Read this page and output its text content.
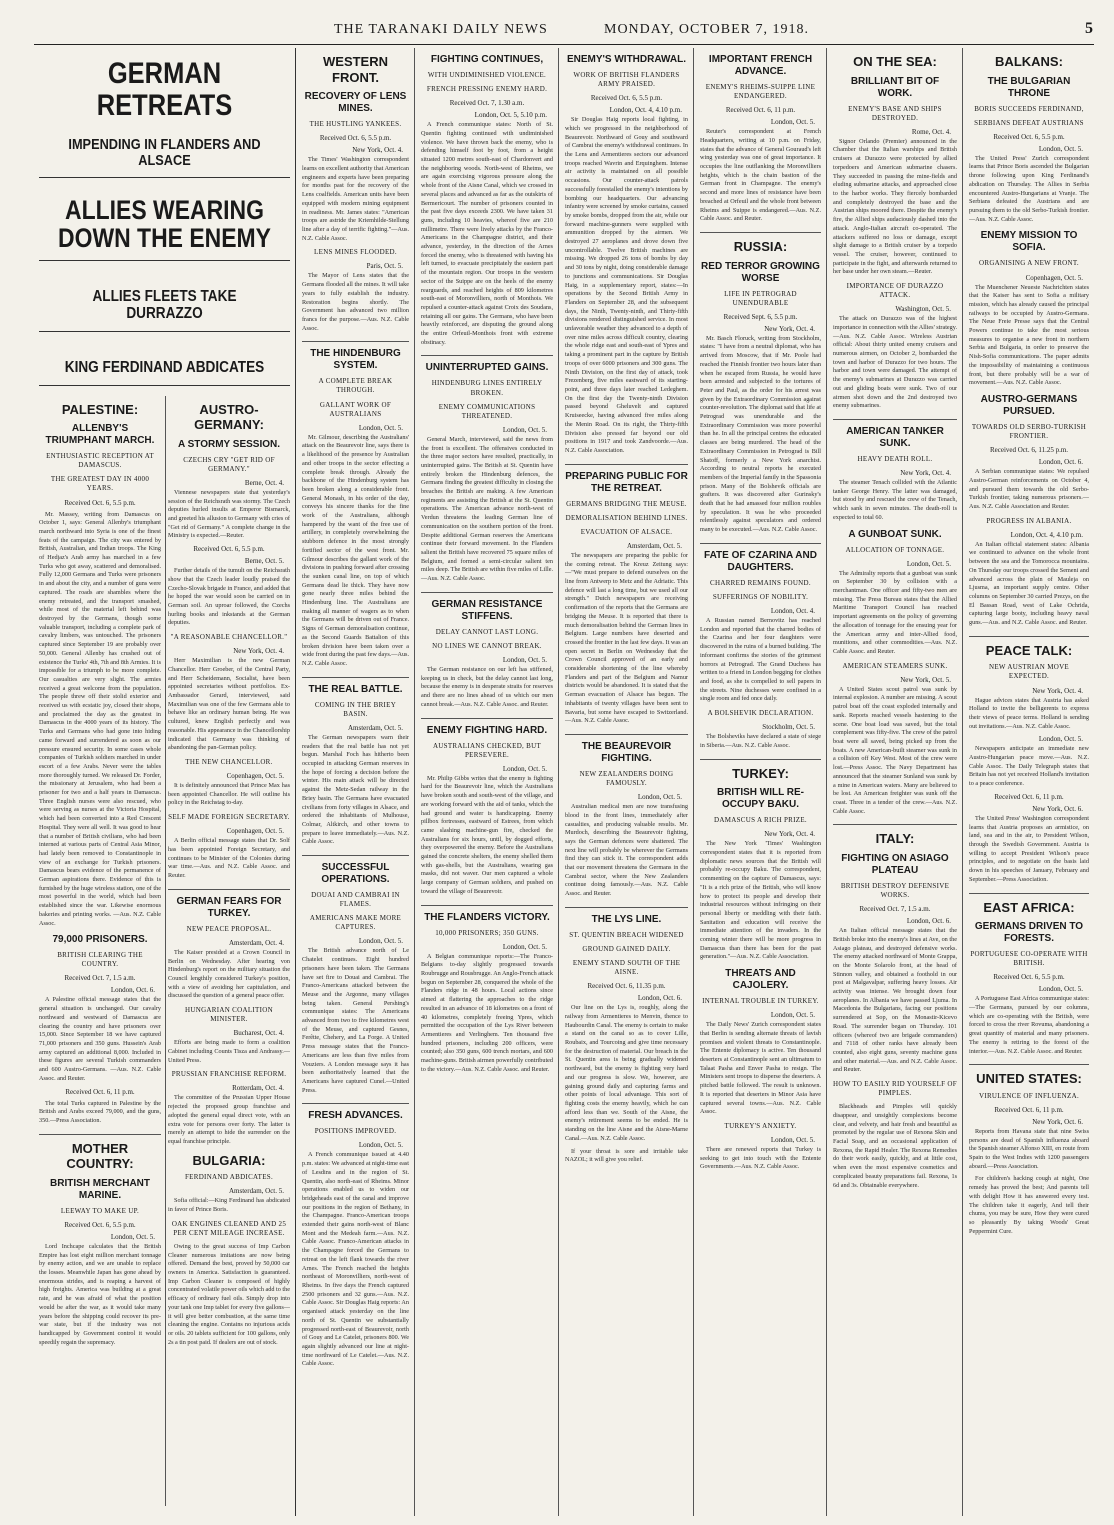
THE TARANAKI DAILY NEWS	MONDAY, OCTOBER 7, 1918.	5
GERMAN RETREATS
IMPENDING IN FLANDERS AND ALSACE
ALLIES WEARING DOWN THE ENEMY
ALLIES FLEETS TAKE DURRAZZO
KING FERDINAND ABDICATES
PALESTINE:
ALLENBY'S TRIUMPHANT MARCH.
ENTHUSIASTIC RECEPTION AT DAMASCUS.
THE GREATEST DAY IN 4000 YEARS.
Received Oct. 6, 5.5 p.m.

Mr. Massey, writing from Damascus on October 1, says: General Allenby's triumphant march northward into Syria is one of the finest feats of the campaign. The city was entered by British, Australian, and Indian troops. The King of Hedjaz's Arab army has marched in a few Turks who got away, scattered and demoralised. Fully 12,000 Germans and Turks were prisoners in and about the city, and a number of guns were captured. The roads are shambles where the enemy retreated, and the transport smashed, while most of the material left behind was destroyed by the Germans, though some valuable transport, including a complete park of cavalry limbers, was untouched. The prisoners captured since September 19 are probably over 50,000. General Allenby has crushed out of existence the Turks' 4th, 7th and 8th Armies. It is impossible for a triumph to be more complete. Our casualties are very slight. The armies received a great welcome from the population. The people threw off their stolid exterior and received us with ecstatic joy, closed their shops, and proclaimed the day as the greatest in Damascus in the 4000 years of its history. The Turks and Germans who had gone into hiding came forward and surrendered as soon as our pressure ensured security. In some cases whole companies of Turkish soldiers marched in under escort of a few Arabs. Never were the tables more thoroughly turned. We released Dr. Forder, the missionary at Jerusalem, who had been a prisoner for two and a half years in Damascus. Three English nurses were also rescued, who were serving as nurses at the Victoria Hospital, which had been converted into a Red Crescent Hospital. They were all well. It was good to hear that a number of British civilians, who had been interned at various parts of Central Asia Minor, had lately been removed to Constantinople in view of an exchange for Turkish prisoners. Damascus bears evidence of the permanence of German aspirations there. Evidence of this is furnished by the huge wireless station, one of the most powerful in the world, which had been established since the war. Likewise enormous bakeries and printing works. —Aus. N.Z. Cable Assoc.

79,000 PRISONERS.
BRITISH CLEARING THE COUNTRY.
Received Oct. 7, 1.5 a.m.
London, Oct. 6.

A Palestine official message states that the general situation is unchanged. Our cavalry northward and westward of Damascus are clearing the country and have prisoners over 15,000. Since September 18 we have captured 71,000 prisoners and 350 guns. Hussein's Arab army captured an additional 8,000. Included in these figures are several Turkish commanders and 600 Austro-Germans. —Aus. N.Z. Cable Assoc. and Reuter.

Received Oct. 6, 11 p.m.

The total Turks captured in Palestine by the British and Arabs exceed 79,000, and the guns, 350.—Press Association.

MOTHER COUNTRY:
BRITISH MERCHANT MARINE.
LEEWAY TO MAKE UP.
Received Oct. 6, 5.5 p.m.
London, Oct. 5.

Lord Inchcape calculates that the British Empire has lost eight million merchant tonnage by enemy action, and we are unable to replace the losses. Meanwhile Japan has gone ahead by enormous strides, and is reaping a harvest of high freights. America was building at a great rate, and he was afraid of what the position would be after the war, as it would take many years before the shipping could recover its pre-war state, but if the industry was not handicapped by Government control it would speedily regain the supremacy.

AUSTRO-GERMANY:
A STORMY SESSION.
CZECHS CRY "GET RID OF GERMANY."
Berne, Oct. 4.

Viennese newspapers state that yesterday's session of the Reichsrath was stormy. The Czech deputies hurled insults at Emperor Bismarck, and greeted his allusion to Germany with cries of "Get rid of Germany." A complete change in the Ministry is expected.—Reuter.

Received Oct. 6, 5.5 p.m.
Berne, Oct. 5.

Further details of the tumult on the Reichsrath show that the Czech leader loudly praised the Czecho-Slovak brigade in France, and added that he hoped the war would soon be carried on in German soil. An uproar followed, the Czechs hurling books and inkstands at the German deputies.

"A REASONABLE CHANCELLOR."
New York, Oct. 4.

Herr Maximilian is the new German Chancellor. Herr Groeber, of the Central Party, and Herr Scheidemann, Socialist, have been appointed secretaries without portfolios. Ex-Ambassador Gerard, interviewed, said Maximilian was one of the few Germans able to behave like an ordinary human being. He was cultured, knew English perfectly and was reasonable. His appearance in the Chancellorship indicated that Germany was thinking of abandoning the pan-German policy.

THE NEW CHANCELLOR.
Copenhagen, Oct. 5.

It is definitely announced that Prince Max has been appointed Chancellor. He will outline his policy in the Reichstag to-day.

SELF MADE FOREIGN SECRETARY.
Copenhagen, Oct. 5.

A Berlin official message states that Dr. Solf has been appointed Foreign Secretary, and continues to be Minister of the Colonies during war time.—Aus. and N.Z. Cable Assoc. and Reuter.

GERMAN FEARS FOR TURKEY.
NEW PEACE PROPOSAL.
Amsterdam, Oct. 4.

The Kaiser presided at a Crown Council in Berlin on Wednesday. After hearing von Hindenburg's report on the military situation the Council lengthily considered Turkey's position, with a view of avoiding her capitulation, and discussed the question of a general peace offer.

HUNGARIAN COALITION MINISTER.
Bucharest, Oct. 4.

Efforts are being made to form a coalition Cabinet including Counts Tisza and Andrassy.—United Press.

PRUSSIAN FRANCHISE REFORM.
Rotterdam, Oct. 4.

The committee of the Prussian Upper House rejected the proposed group franchise and adopted the general equal direct vote, with an extra vote for persons over forty. The latter is merely an attempt to hide the surrender on the equal franchise principle.

BULGARIA:
FERDINAND ABDICATES.
Amsterdam, Oct. 5.

Sofia official:—King Ferdinand has abdicated in favor of Prince Boris.

OAK ENGINES CLEANED AND 25 PER CENT MILEAGE INCREASE.

Owing to the great success of Imp Carbon Cleaner numerous imitations are now being offered. Demand the best, proved by 50,000 car owners in America. Satisfaction is guaranteed. Imp Carbon Cleaner is composed of highly concentrated volatile power oils which add to the efficacy of ordinary fuel oils. Simply drop into your tank one Imp tablet for every five gallons—it will give better combustion, at the same time cleaning the engine. Contains no injurious acids or oils. 20 tablets sufficient for 100 gallons, only 2s a tin post paid. If dealers are out of stock.

WESTERN FRONT.
RECOVERY OF LENS MINES.
THE HUSTLING YANKEES.
Received Oct. 6, 5.5 p.m.
New York, Oct. 4.

The Times' Washington correspondent learns on excellent authority that American engineers and experts have been preparing for months past for the recovery of the Lens coalfields. American units have been equipped with modern mining equipment in readiness. Mr. James states: "American troops are astride the Kriemhilde-Stellung line after a day of terrific fighting."—Aus. N.Z. Cable Assoc.

LENS MINES FLOODED.
Paris, Oct. 5.

The Mayor of Lens states that the Germans flooded all the mines. It will take years to fully establish the industry. Restoration begins shortly. The Government has advanced two million francs for the purpose.—Aus. N.Z. Cable Assoc.

THE HINDENBURG SYSTEM.
A COMPLETE BREAK THROUGH.
GALLANT WORK OF AUSTRALIANS
London, Oct. 5.

Mr. Gilmour, describing the Australians' attack on the Beaurevoir line, says there is a likelihood of the presence by Australian and other troops in the sector effecting a complete break through. Already the backbone of the Hindenburg system has been broken along a considerable front. General Monash, in his order of the day, conveys his sincere thanks for the fine work of the Australians, although hampered by the want of the free use of artillery, in completely overwhelming the stubborn defence in the most strongly fortified sector of the west front. Mr. Gilmour describes the gallant work of the divisions in pushing forward after crossing the sunken canal line, on top of which Germans dead lie thick. They have now gone nearly three miles behind the Hindenburg line. The Australians are making all manner of wagers as to when the Germans will be driven out of France. Signs of German demoralisation continue, as the Second Guards Battalion of this broken division have been taken over a wide front during the past few days.—Aus. N.Z. Cable Assoc.

THE REAL BATTLE.
COMING IN THE BRIEY BASIN.
Amsterdam, Oct. 5.

The German newspapers warn their readers that the real battle has not yet begun. Marshal Foch has hitherto been occupied in attacking German reserves in the hope of forcing a decision before the winter. His main attack will be directed against the Metz-Sedan railway in the Briey basin. The Germans have evacuated civilians from forty villages in Alsace, and ordered the inhabitants of Mulhouse, Colmar, Altkirch, and other towns to prepare to leave immediately.—Aus. N.Z. Cable Assoc.

SUCCESSFUL OPERATIONS.
DOUAI AND CAMBRAI IN FLAMES.
AMERICANS MAKE MORE CAPTURES.
London, Oct. 5.

The British advance north of Le Chatelet continues. Eight hundred prisoners have been taken. The Germans have set fire to Douai and Cambrai. The Franco-Americans attacked between the Meuse and the Argonne, many villages being taken. General Pershing's communique states: The Americans advanced from two to five kilometres west of the Meuse, and captured Gesnes, Ferêtte, Chehery, and La Forge. A United Press message states that the Franco-Americans are less than five miles from Vouziers. A London message says it has been authoritatively learned that the Americans have captured Cunel.—United Press.

FRESH ADVANCES.
POSITIONS IMPROVED.
London, Oct. 5.

A French communique issued at 4.40 p.m. states: We advanced at night-time east of Lesdins and in the region of St. Quentin, also north-east of Rheims. Minor operations enabled us to widen our bridgeheads east of the canal and improve our positions in the region of Bethany, in the Champagne. Franco-American troops extended their gains north-west of Blanc Mont and the Medeah farm.—Aus. N.Z. Cable Assoc. Franco-American attacks in the Champagne forced the Germans to retreat on the left flank towards the river Arnes. The French reached the heights northeast of Moronvilliers, north-west of Rheims. In five days the French captured 2500 prisoners and 32 guns.—Aus. N.Z. Cable Assoc. Sir Douglas Haig reports: An organised attack yesterday on the line north of St. Quentin we substantially progressed north-east of Beaurevoir, north of Gouy and Le Catelet, prisoners 800. We again slightly advanced our line at night-time northward of Le Catelet.—Aus. N.Z. Cable Assoc.

FIGHTING CONTINUES,
WITH UNDIMINISHED VIOLENCE.
FRENCH PRESSING ENEMY HARD.
Received Oct. 7, 1.30 a.m.
London, Oct. 5, 5.10 p.m.

A French communique states: North of St. Quentin fighting continued with undiminished violence. We have thrown back the enemy, who is defending himself foot by foot, from a height situated 1200 metres south-east of Chardonvert and the neighboring woods. North-west of Rheims, we are again exercising vigorous pressure along the whole front of the Aisne Canal, which we crossed in several places and advanced as far as the outskirts of Bermericourt. The number of prisoners counted in the past five days exceeds 2300. We have taken 31 guns, including 10 heavies, whereof five are 210 millimetre. There were lively attacks by the Franco-Americans in the Champagne district, and their advance, yesterday, in the direction of the Arnes forced the enemy, who is threatened with having his left turned, to evacuate precipitately the eastern part of the mountain region. Our troops in the western sector of the Suippe are on the heels of the enemy rearguards, and reached heights of 809 kilometres south-east of Moronvilliers, north of Monthois. We repulsed a counter-attack against Croix des Soudans, retaining all our gains. The Germans, who have been heavily reinforced, are disputing the ground along the entire Orfeuil-Monthois front with extreme obstinacy.

UNINTERRUPTED GAINS.
HINDENBURG LINES ENTIRELY BROKEN.
ENEMY COMMUNICATIONS THREATENED.
London, Oct. 5.

General March, interviewed, said the news from the front is excellent. The offensives conducted in the three major sectors have resulted, practically, in uninterrupted gains. The British at St. Quentin have entirely broken the Hindenburg defences, the Germans finding the greatest difficulty in closing the breaches the British are making. A few American regiments are assisting the British at the St. Quentin operations. The American advance north-west of Verdun threatens the leading German line of communication on the southern portion of the front. Despite additional German reserves the Americans continue their forward movement. In the Flanders salient the British have recovered 75 square miles of Belgium, and formed a semi-circular salient ten miles deep. The British are within five miles of Lille.—Aus. N.Z. Cable Assoc.

GERMAN RESISTANCE STIFFENS.
DELAY CANNOT LAST LONG.
NO LINES WE CANNOT BREAK.
London, Oct. 5.

The German resistance on our left has stiffened, keeping us in check, but the delay cannot last long, because the enemy is in desperate straits for reserves and there are no lines ahead of us which our men cannot break.—Aus. N.Z. Cable Assoc. and Reuter.

ENEMY FIGHTING HARD.
AUSTRALIANS CHECKED, BUT PERSEVERE.
London, Oct. 5.

Mr. Philip Gibbs writes that the enemy is fighting hard for the Beaurevoir line, which the Australians have broken south and south-west of the village, and are working forward with the aid of tanks, which the had ground and water is handicapping. Enemy pillbox fortresses, eastward of Estrees, from which came slashing machine-gun fire, checked the Australians for six hours, until, by dogged efforts, they overpowered the enemy. Before the Australians gained the concrete shelters, the enemy shelled them with gas-shells, but the Australians, wearing gas masks, did not waver. Our men captured a whole large company of German soldiers, and pushed on toward the village of Beaurevoir.

THE FLANDERS VICTORY.
10,000 PRISONERS; 350 GUNS.
London, Oct. 5.

A Belgian communique reports:—The Franco-Belgians to-day slightly progressed towards Roubrugge and Rousbrugge. An Anglo-French attack begun on September 28, conquered the whole of the Flanders ridge in 48 hours. Local actions since aimed at flattering the approaches to the ridge resulted in an advance of 18 kilometres on a front of 40 kilometres, completely freeing Ypres, which permitted the occupation of the Lys River between Armentieres and Verlinghem. Ten thousand five hundred prisoners, including 200 officers, were counted; also 350 guns, 600 trench mortars, and 600 machine-guns. British airmen powerfully contributed to the victory.—Aus. N.Z. Cable Assoc. and Reuter.

ENEMY'S WITHDRAWAL.
WORK OF BRITISH FLANDERS ARMY PRAISED.
Received Oct. 6, 5.5 p.m.
London, Oct. 4, 4.10 p.m.

Sir Douglas Haig reports local fighting, in which we progressed in the neighborhood of Beaurevoir. Northward of Gouy and southward of Cambrai the enemy's withdrawal continues. In the Lens and Armentieres sectors our advanced troops reached Wavrin and Erquinghem. Intense air activity is maintained on all possible occasions. Our counter-attack patrols successfully forestalled the enemy's intentions by bombing our headquarters. Our advancing infantry were screened by smoke curtains, caused by smoke bombs, dropped from the air, while our forward machine-gunners were supplied with ammunition dropped by the airmen. We destroyed 27 aeroplanes and drove down five uncontrollable. Twelve British machines are missing. We dropped 26 tons of bombs by day and 30 tons by night, doing considerable damage to junctions and communications. Sir Douglas Haig, in a supplementary report, states:—In operations by the Second British Army in Flanders on September 28, and the subsequent days, the Ninth, Twenty-ninth, and Thirty-fifth divisions rendered distinguished service. In most unfavorable weather they advanced to a depth of over nine miles across difficult country, clearing the whole ridge east and south-east of Ypres and taking a prominent part in the capture by British troops of over 6000 prisoners and 300 guns. The Ninth Division, on the first day of attack, took Frezenberg, five miles eastward of its starting-point, and three days later reached Ledeghem. On the first day the Twenty-ninth Division passed beyond Gheluvelt and captured Kruiseecke, having advanced five miles along the Menin Road. On its right, the Thirty-fifth Division also pressed far beyond our old positions in 1917 and took Zandvoorde.—Aus. N.Z. Cable Association.

PREPARING PUBLIC FOR THE RETREAT.
GERMANS BRIDGING THE MEUSE.
DEMORALISATION BEHIND LINES.
EVACUATION OF ALSACE.
Amsterdam, Oct. 5.

The newspapers are preparing the public for the coming retreat. The Kreuz Zeitung says:—"We must prepare to defend ourselves on the line from Antwerp to Metz and the Adriatic. This defence will last a long time, but we used all our strength." Dutch newspapers are receiving confirmation of the reports that the Germans are bridging the Meuse. It is reported that there is much demoralisation behind the German lines in Belgium. Large numbers have deserted and crossed the frontier in the last few days. It was an open secret in Berlin on Wednesday that the Crown Council approved of an early and considerable shortening of the line whereby Flanders and part of the Belgium and Namur districts would be abandoned. It is stated that the German evacuation of Alsace has begun. The inhabitants of twenty villages have been sent to Bavaria, but some have escaped to Switzerland.—Aus. N.Z. Cable Assoc.

THE BEAUREVOIR FIGHTING.
NEW ZEALANDERS DOING FAMOUSLY.
London, Oct. 5.

Australian medical men are now transfusing blood in the front lines, immediately after casualties, and producing valuable results. Mr. Murdoch, describing the Beaurevoir fighting, says the German defences were shattered. The next line will probably be wherever the Germans find they can stick it. The correspondent adds that our movement threatens the Germans in the Cambrai sector, where the New Zealanders continue doing famously.—Aus. N.Z. Cable Assoc. and Reuter.

THE LYS LINE.
ST. QUENTIN BREACH WIDENED
GROUND GAINED DAILY.
ENEMY STAND SOUTH OF THE AISNE.
Received Oct. 6, 11.35 p.m.
London, Oct. 6.

Our line on the Lys is, roughly, along the railway from Armentieres to Menvin, thence to Haubourdin Canal. The enemy is certain to make a stand on the canal so as to cover Lille, Roubaix, and Tourcoing and give time necessary for the destruction of material. Our breach in the St. Quentin area is being gradually widened northward, but the enemy is fighting very hard and our progress is slow. We, however, are gaining ground daily and capturing farms and other points of local advantage. This sort of fighting costs the enemy heavily, which he can afford less than we. South of the Aisne, the enemy's retirement seems to be ended. He is standing on the line Aisne and the Aisne-Marne Canal.—Aus. N.Z. Cable Assoc.

If your throat is sore and irritable take NAZOL; it will give you relief.

IMPORTANT FRENCH ADVANCE.
ENEMY'S RHEIMS-SUIPPE LINE ENDANGERED.
Received Oct. 6, 11 p.m.
London, Oct. 5.

Reuter's correspondent at French Headquarters, writing at 10 p.m. on Friday, states that the advance of General Gouraud's left wing yesterday was one of great importance. It occupies the line outflanking the Moronvilliers heights, which is the chain bastion of the German front in Champagne. The enemy's second and more lines of resistance have been breached at Orfeuil and the whole front between Rheims and Suippe is endangered.—Aus. N.Z. Cable Assoc. and Reuter.

RUSSIA:
RED TERROR GROWING WORSE
LIFE IN PETROGRAD UNENDURABLE
Received Sept. 6, 5.5 p.m.
New York, Oct. 4.

Mr. Basch Floruck, writing from Stockholm, states: "I have from a neutral diplomat, who has arrived from Moscow, that if Mr. Poole had reached the Finnish frontier two hours later than when he escaped from Russia, he would have been arrested and subjected to the tortures of Peter and Paul, as the order for his arrest was given by the Extraordinary Commission against counter-revolution. The diplomat said that life at Petrograd was unendurable and the Extraordinary Commission was more powerful than he. In all the principal centres the educated classes are being murdered. The head of the Extraordinary Commission in Petrograd is Bill Shatoff, formerly a New York anarchist. According to neutral reports he executed members of the Imperial family in the Spassonia prison. Many of the Bolshevik officials are grafters. It was discovered after Gurinsky's death that he had amassed four million roubles by speculation. It was he who proceeded relentlessly against speculators and ordered many to be executed.—Aus. N.Z. Cable Assoc.

FATE OF CZARINA AND DAUGHTERS.
CHARRED REMAINS FOUND.
SUFFERINGS OF NOBILITY.
London, Oct. 4.

A Russian named Bernovitz has reached London and reported that the charred bodies of the Czarina and her four daughters were discovered in the ruins of a burned building. The informant confirms the stories of the grimmest horrors at Petrograd. The Grand Duchess has written to a friend in London begging for clothes and food, as she is compelled to sell papers in the streets. Nine duchesses were confined in a single room and fed once daily.

A BOLSHEVIK DECLARATION.
Stockholm, Oct. 5.

The Bolsheviks have declared a state of siege in Siberia.—Aus. N.Z. Cable Assoc.

TURKEY:
BRITISH WILL RE-OCCUPY BAKU.
DAMASCUS A RICH PRIZE.
New York, Oct. 4.

The New York 'Times' Washington correspondent states that it is reported from diplomatic news sources that the British will probably re-occupy Baku. The correspondent, commenting on the capture of Damascus, says: "It is a rich prize of the British, who will know how to protect its people and develop their industrial resources without infringing on their personal liberty or meddling with their faith. Sanitation and education will receive the immediate attention of the invaders. In the coming winter there will be more progress in Damascus than there has been for the past generation."—Aus. N.Z. Cable Association.

THREATS AND CAJOLERY.
INTERNAL TROUBLE IN TURKEY.
London, Oct. 5.

The Daily News' Zurich correspondent states that Berlin is sending alternate threats of lavish promises and violent threats to Constantinople. The Entente diplomacy is active. Ten thousand deserters at Constantinople sent an ultimatum to Talaat Pasha and Enver Pasha to resign. The Ministers sent troops to disperse the deserters. A pitched battle followed. The result is unknown. It is reported that deserters in Minor Asia have captured several towns.—Aus. N.Z. Cable Assoc.

TURKEY'S ANXIETY.
London, Oct. 5.

There are renewed reports that Turkey is seeking to get into touch with the Entente Governments.—Aus. N.Z. Cable Assoc.

ON THE SEA:
BRILLIANT BIT OF WORK.
ENEMY'S BASE AND SHIPS DESTROYED.
Rome, Oct. 4.

Signor Orlando (Premier) announced in the Chamber that the Italian warships and British cruisers at Durazzo were protected by allied torpedoers and American submarine chasers. They succeeded in passing the mine-fields and eluding submarine attacks, and approached close to the harbor works. They fiercely bombarded and completely destroyed the base and the Austrian ships moored there. Despite the enemy's fire, the Allied ships audaciously dashed into the attack. Anglo-Italian aircraft co-operated. The attackers suffered no loss or damage, except slight damage to a British cruiser by a torpedo vessel. The cruiser, however, continued to participate in the fight, and afterwards returned to her base under her own steam.—Reuter.

IMPORTANCE OF DURAZZO ATTACK.
Washington, Oct. 5.

The attack on Durazzo was of the highest importance in connection with the Allies' strategy.—Aus. N.Z. Cable Assoc. Wireless Austrian official: About thirty united enemy cruisers and numerous airmen, on October 2, bombarded the town and harbor of Durazzo for two hours. The harbor and town were damaged. The attempt of the enemy's submarines at Durazzo was carried out and gliding boats were sunk. Two of our airmen shot down and the 2nd destroyed two enemy submarines.

AMERICAN TANKER SUNK.
HEAVY DEATH ROLL.
New York, Oct. 4.

The steamer Tenach collided with the Atlantic tanker George Henry. The latter was damaged, but stood by and rescued the crew of the Tenach, which sank in seven minutes. The death-roll is expected to total 60.

A GUNBOAT SUNK.
ALLOCATION OF TONNAGE.
London, Oct. 5.

The Admiralty reports that a gunboat was sunk on September 30 by collision with a merchantman. One officer and fifty-two men are missing. The Press Bureau states that the Allied Maritime Transport Council has reached important agreements on the policy of governing the allocation of tonnage for the ensuing year for the American army and inter-Allied food, munitions, and other commodities.—Aus. N.Z. Cable Assoc. and Reuter.

AMERICAN STEAMERS SUNK.
New York, Oct. 5.

A United States scout patrol was sunk by internal explosion. A number are missing. A scout patrol boat off the coast exploded internally and sank. Reports reached vessels hastening to the scene. One boat load was saved, but the total complement was fifty-five. The crew of the patrol boat were all saved, being picked up from the boats. A new American-built steamer was sunk in a collision off Key West. Most of the crew were lost.—Press Assoc. The Navy Department has announced that the steamer Sunland was sunk by a mine in American waters. Many are believed to be lost. An American freighter was sunk off the coast. Three in a tender of the crew.—Aus. N.Z. Cable Assoc.

ITALY:
FIGHTING ON ASIAGO PLATEAU
BRITISH DESTROY DEFENSIVE WORKS.
Received Oct. 7, 1.5 a.m.
London, Oct. 6.

An Italian official message states that the British broke into the enemy's lines at Ave, on the Asiago plateau, and destroyed defensive works. The enemy attacked northward of Monte Grappa, on the Monte Solarolo front, at the head of Stinnon valley, and obtained a foothold in our post at Malgavalpar, suffering heavy losses. Air activity was intense. We brought down four aeroplanes. In Albania we have passed Ljuma. In Macedonia the Bulgarians, facing our positions surrendered at Sop, on the Monastir-Kicevo Road. The surrender began on Thursday. 101 officers (whereof two are brigade commanders) and 7118 of other ranks have already been counted, also eight guns, seventy machine guns and other material.—Aus. and N.Z. Cable Assoc. and Reuter.

HOW TO EASILY RID YOURSELF OF PIMPLES.

Blackheads and Pimples will quickly disappear, and unsightly complexions become clear, and velvety, and hair fresh and beautiful as promoted by the regular use of Rexona Skin and Facial Soap, and an occasional application of Rexona, the Rapid Healer. The Rexona Remedies do their work easily, quickly, and at little cost, when even the most expensive cosmetics and complicated beauty preparations fail. Rexona, 1s 6d and 3s. Obtainable everywhere.

BALKANS:
THE BULGARIAN THRONE
BORIS SUCCEEDS FERDINAND,
SERBIANS DEFEAT AUSTRIANS
Received Oct. 6, 5.5 p.m.
London, Oct. 5.

The United Press' Zurich correspondent learns that Prince Boris ascended the Bulgarian throne following upon King Ferdinand's abdication on Thursday. The Allies in Serbia encountered Austro-Hungarians at Vranje. The Serbians defeated the Austrians and are pursuing them to the old Serbo-Turkish frontier.—Aus. N.Z. Cable Assoc.

ENEMY MISSION TO SOFIA.
ORGANISING A NEW FRONT.
Copenhagen, Oct. 5.

The Muenchener Neueste Nachrichten states that the Kaiser has sent to Sofia a military mission, which has already caused the principal railways to be occupied by Austro-Germans. The Neue Freie Presse says that the Central Powers continue to take the most serious measures to organise a new front in northern Serbia and Bulgaria, in order to preserve the Nish-Sofia communications. The paper admits the impossibility of maintaining a continuous front, but there probably will be a war of movement.—Aus. N.Z. Cable Assoc.

AUSTRO-GERMANS PURSUED.
TOWARDS OLD SERBO-TURKISH FRONTIER.
Received Oct. 6, 11.25 p.m.
London, Oct. 6.

A Serbian communique states: We repulsed Austro-German reinforcements on October 4, and pursued them towards the old Serbo-Turkish frontier, taking numerous prisoners.—Aus. N.Z. Cable Association and Reuter.

PROGRESS IN ALBANIA.
London, Oct. 4, 4.10 p.m.

An Italian official statement states: Albania we continued to advance on the whole front between the sea and the Tomorocca mountains. On Thursday our troops crossed the Semeni and advanced across the plain of Mauleja on Ljusma, an important supply centre. Other columns on September 30 carried Prezys, on the El Bassan Road, west of Lake Ochrida, capturing large booty, including heavy naval guns.—Aus. and N.Z. Cable Assoc. and Reuter.

PEACE TALK:
NEW AUSTRIAN MOVE EXPECTED.
New York, Oct. 4.

Hague advices states that Austria has asked Holland to invite the belligerents to express their views of peace terms. Holland is sending out invitations.—Aus. N.Z. Cable Assoc.

London, Oct. 5.

Newspapers anticipate an immediate new Austro-Hungarian peace move.—Aus. N.Z. Cable Assoc. The Daily Telegraph states that Britain has not yet received Holland's invitation to a peace conference.

Received Oct. 6, 11 p.m.
New York, Oct. 6.

The United Press' Washington correspondent learns that Austria proposes an armistice, on land, sea and in the air, to President Wilson, through the Swedish Government. Austria is willing to accept President Wilson's peace principles, and to negotiate on the basis laid down in his speeches of January, February and September.—Press Association.

EAST AFRICA:
GERMANS DRIVEN TO FORESTS.
PORTUGUESE CO-OPERATE WITH BRITISH.
Received Oct. 6, 5.5 p.m.
London, Oct. 5.

A Portuguese East Africa communique states:—The Germans, pursued by our columns, which are co-operating with the British, were forced to cross the river Rovuma, abandoning a great quantity of material and many prisoners. The enemy is retiring to the forest of the interior.—Aus. N.Z. Cable Assoc. and Reuter.

UNITED STATES:
VIRULENCE OF INFLUENZA.
Received Oct. 6, 11 p.m.
New York, Oct. 6.

Reports from Havana state that nine Swiss persons are dead of Spanish influenza aboard the Spanish steamer Alfonso XIII, en route from Spain to the West Indies with 1200 passengers aboard.—Press Association.

For children's hacking cough at night, One remedy has proved the best; And parents tell with delight How it has answered every test. The children take it eagerly, And tell their chums, you may be sure, How they were cured so pleasantly By taking Woods' Great Peppermint Cure.
